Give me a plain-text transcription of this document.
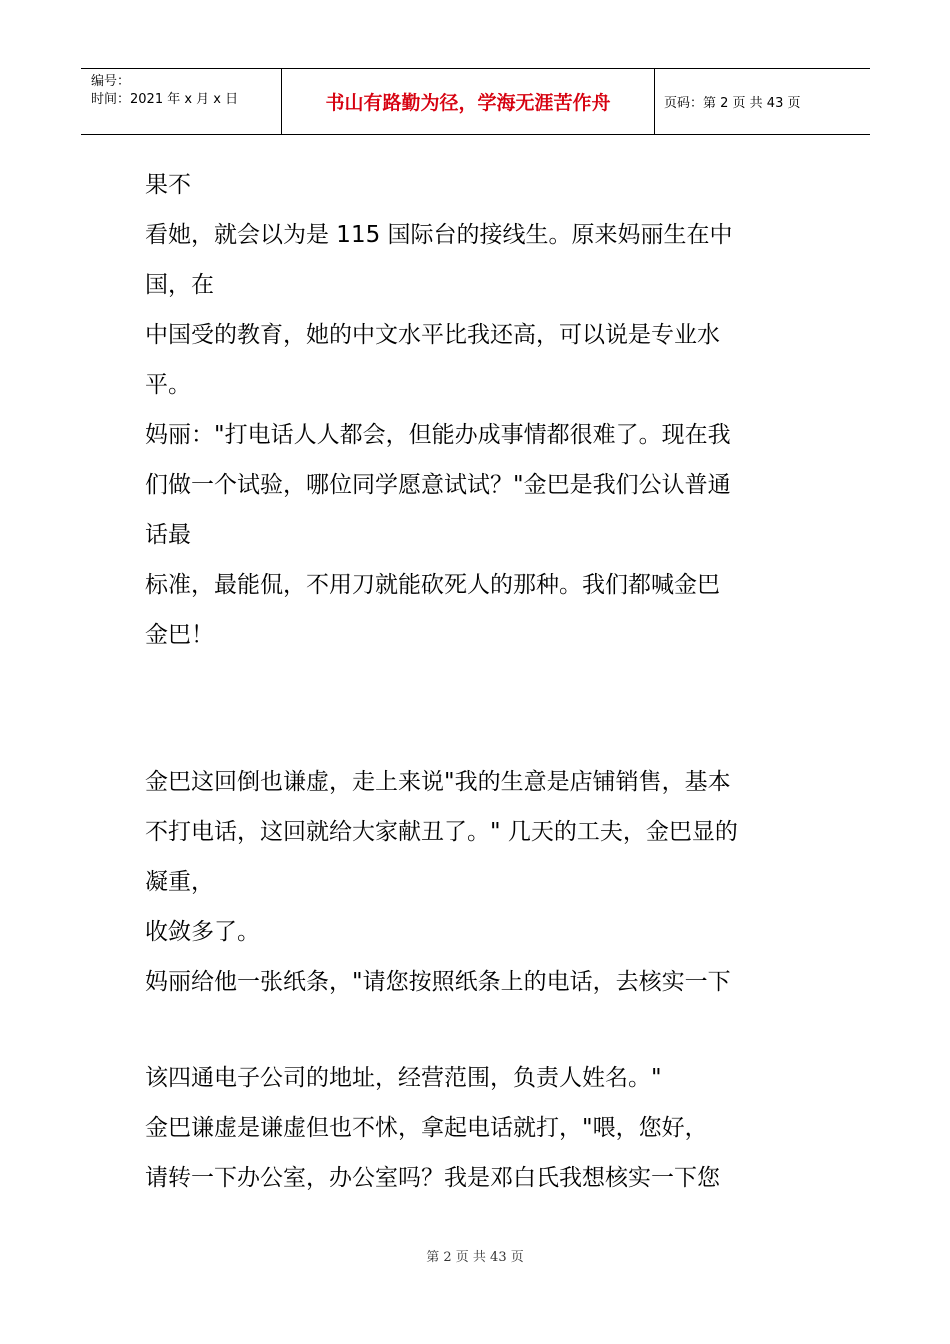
编号：
时间：2021 年 x 月 x 日	书山有路勤为径，学海无涯苦作舟	页码：第 2 页 共 43 页

果不

看她，就会以为是 115 国际台的接线生。原来妈丽生在中

国，在

中国受的教育，她的中文水平比我还高，可以说是专业水

平。

妈丽："打电话人人都会，但能办成事情都很难了。现在我

们做一个试验，哪位同学愿意试试？"金巴是我们公认普通

话最

标准，最能侃，不用刀就能砍死人的那种。我们都喊金巴

金巴！

金巴这回倒也谦虚，走上来说"我的生意是店铺销售，基本

不打电话，这回就给大家献丑了。" 几天的工夫，金巴显的

凝重，

收敛多了。

妈丽给他一张纸条，"请您按照纸条上的电话，去核实一下

该四通电子公司的地址，经营范围，负责人姓名。"

金巴谦虚是谦虚但也不怵，拿起电话就打，"喂，您好，

请转一下办公室，办公室吗？我是邓白氏我想核实一下您

第 2 页 共 43 页
